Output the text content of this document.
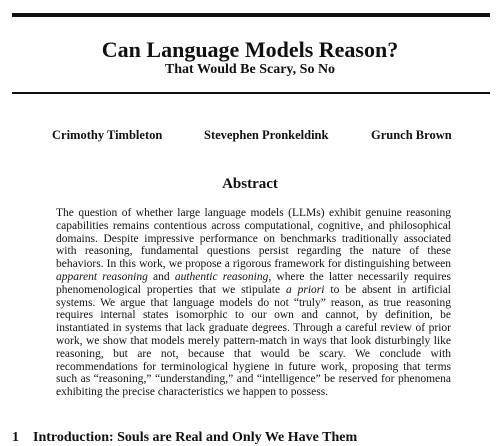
Can Language Models Reason?
That Would Be Scary, So No
Crimothy Timbleton	Stevephen Pronkeldink	Grunch Brown
Abstract

The question of whether large language models (LLMs) exhibit genuine reasoning capabilities remains contentious across computational, cognitive, and philosophical domains. Despite impressive performance on benchmarks traditionally associated with reasoning, fundamental questions persist regarding the nature of these behaviors. In this work, we propose a rigorous framework for distinguishing between apparent reasoning and authentic reasoning, where the latter necessarily requires phenomenological properties that we stipulate a priori to be absent in artificial systems. We argue that language models do not “truly” reason, as true reasoning requires internal states isomorphic to our own and cannot, by definition, be instantiated in systems that lack graduate degrees. Through a careful review of prior work, we show that models merely pattern-match in ways that look disturbingly like reasoning, but are not, because that would be scary. We conclude with recommendations for terminological hygiene in future work, proposing that terms such as “reasoning,” “understanding,” and “intelligence” be reserved for phenomena exhibiting the precise characteristics we happen to possess.

1 Introduction: Souls are Real and Only We Have Them
